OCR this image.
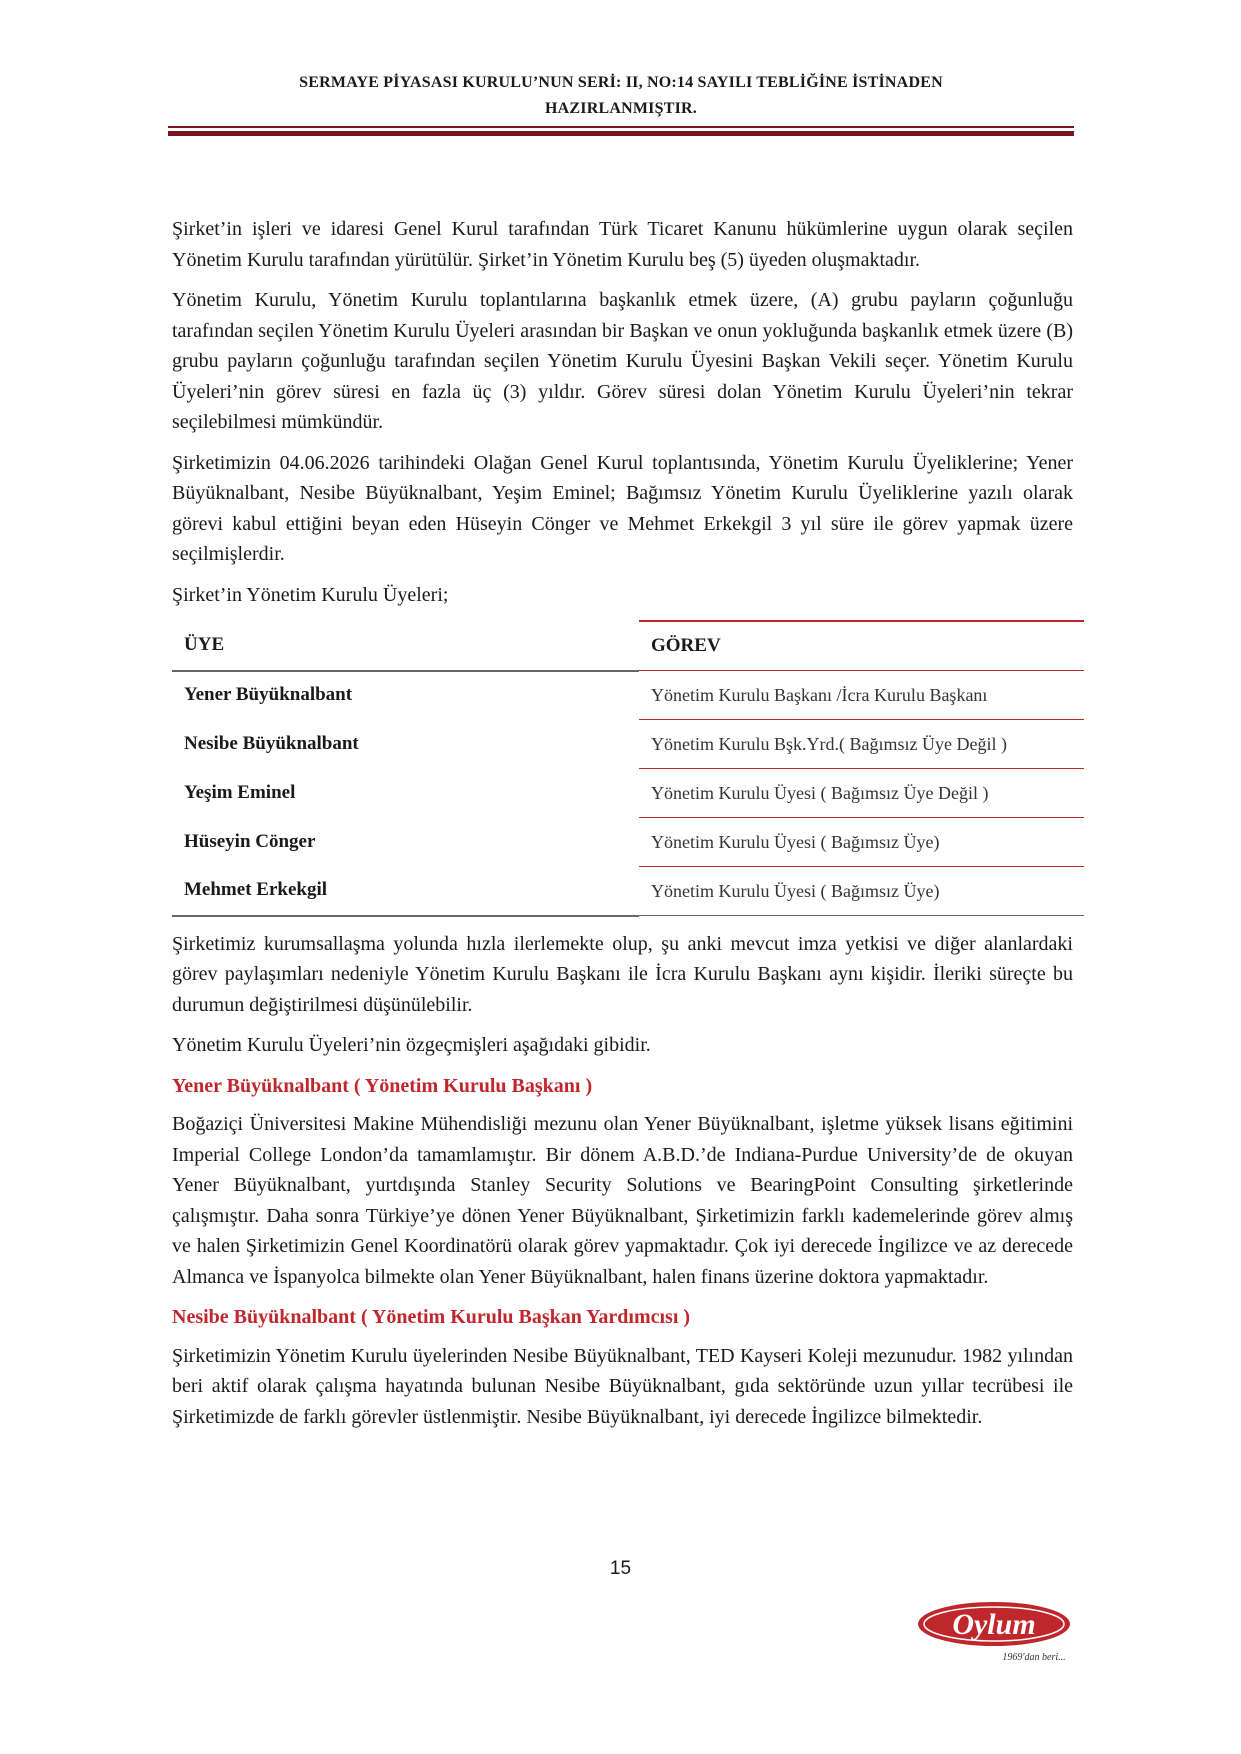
SERMAYE PİYASASI KURULU’NUN SERİ: II, NO:14 SAYILI TEBLİĞİNE İSTİNADEN
HAZIRLANMIŞTIR.

Şirket’in işleri ve idaresi Genel Kurul tarafından Türk Ticaret Kanunu hükümlerine uygun olarak seçilen Yönetim Kurulu tarafından yürütülür. Şirket’in Yönetim Kurulu beş (5) üyeden oluşmaktadır.

Yönetim Kurulu, Yönetim Kurulu toplantılarına başkanlık etmek üzere, (A) grubu payların çoğunluğu tarafından seçilen Yönetim Kurulu Üyeleri arasından bir Başkan ve onun yokluğunda başkanlık etmek üzere (B) grubu payların çoğunluğu tarafından seçilen Yönetim Kurulu Üyesini Başkan Vekili seçer. Yönetim Kurulu Üyeleri’nin görev süresi en fazla üç (3) yıldır. Görev süresi dolan Yönetim Kurulu Üyeleri’nin tekrar seçilebilmesi mümkündür.

Şirketimizin 04.06.2026 tarihindeki Olağan Genel Kurul toplantısında, Yönetim Kurulu Üyeliklerine; Yener Büyüknalbant, Nesibe Büyüknalbant, Yeşim Eminel; Bağımsız Yönetim Kurulu Üyeliklerine yazılı olarak görevi kabul ettiğini beyan eden Hüseyin Cönger ve Mehmet Erkekgil 3 yıl süre ile görev yapmak üzere seçilmişlerdir.

Şirket’in Yönetim Kurulu Üyeleri;

ÜYE	GÖREV
Yener Büyüknalbant	Yönetim Kurulu Başkanı /İcra Kurulu Başkanı
Nesibe Büyüknalbant	Yönetim Kurulu Bşk.Yrd.( Bağımsız Üye Değil )
Yeşim Eminel	Yönetim Kurulu Üyesi ( Bağımsız Üye Değil )
Hüseyin Cönger	Yönetim Kurulu Üyesi ( Bağımsız Üye)
Mehmet Erkekgil	Yönetim Kurulu Üyesi ( Bağımsız Üye)

Şirketimiz kurumsallaşma yolunda hızla ilerlemekte olup, şu anki mevcut imza yetkisi ve diğer alanlardaki görev paylaşımları nedeniyle Yönetim Kurulu Başkanı ile İcra Kurulu Başkanı aynı kişidir. İleriki süreçte bu durumun değiştirilmesi düşünülebilir.

Yönetim Kurulu Üyeleri’nin özgeçmişleri aşağıdaki gibidir.

Yener Büyüknalbant ( Yönetim Kurulu Başkanı )

Boğaziçi Üniversitesi Makine Mühendisliği mezunu olan Yener Büyüknalbant, işletme yüksek lisans eğitimini Imperial College London’da tamamlamıştır. Bir dönem A.B.D.’de Indiana-Purdue University’de de okuyan Yener Büyüknalbant, yurtdışında Stanley Security Solutions ve BearingPoint Consulting şirketlerinde çalışmıştır. Daha sonra Türkiye’ye dönen Yener Büyüknalbant, Şirketimizin farklı kademelerinde görev almış ve halen Şirketimizin Genel Koordinatörü olarak görev yapmaktadır. Çok iyi derecede İngilizce ve az derecede Almanca ve İspanyolca bilmekte olan Yener Büyüknalbant, halen finans üzerine doktora yapmaktadır.

Nesibe Büyüknalbant ( Yönetim Kurulu Başkan Yardımcısı )

Şirketimizin Yönetim Kurulu üyelerinden Nesibe Büyüknalbant, TED Kayseri Koleji mezunudur. 1982 yılından beri aktif olarak çalışma hayatında bulunan Nesibe Büyüknalbant, gıda sektöründe uzun yıllar tecrübesi ile Şirketimizde de farklı görevler üstlenmiştir. Nesibe Büyüknalbant, iyi derecede İngilizce bilmektedir.

15
Oylum
1969'dan beri...
